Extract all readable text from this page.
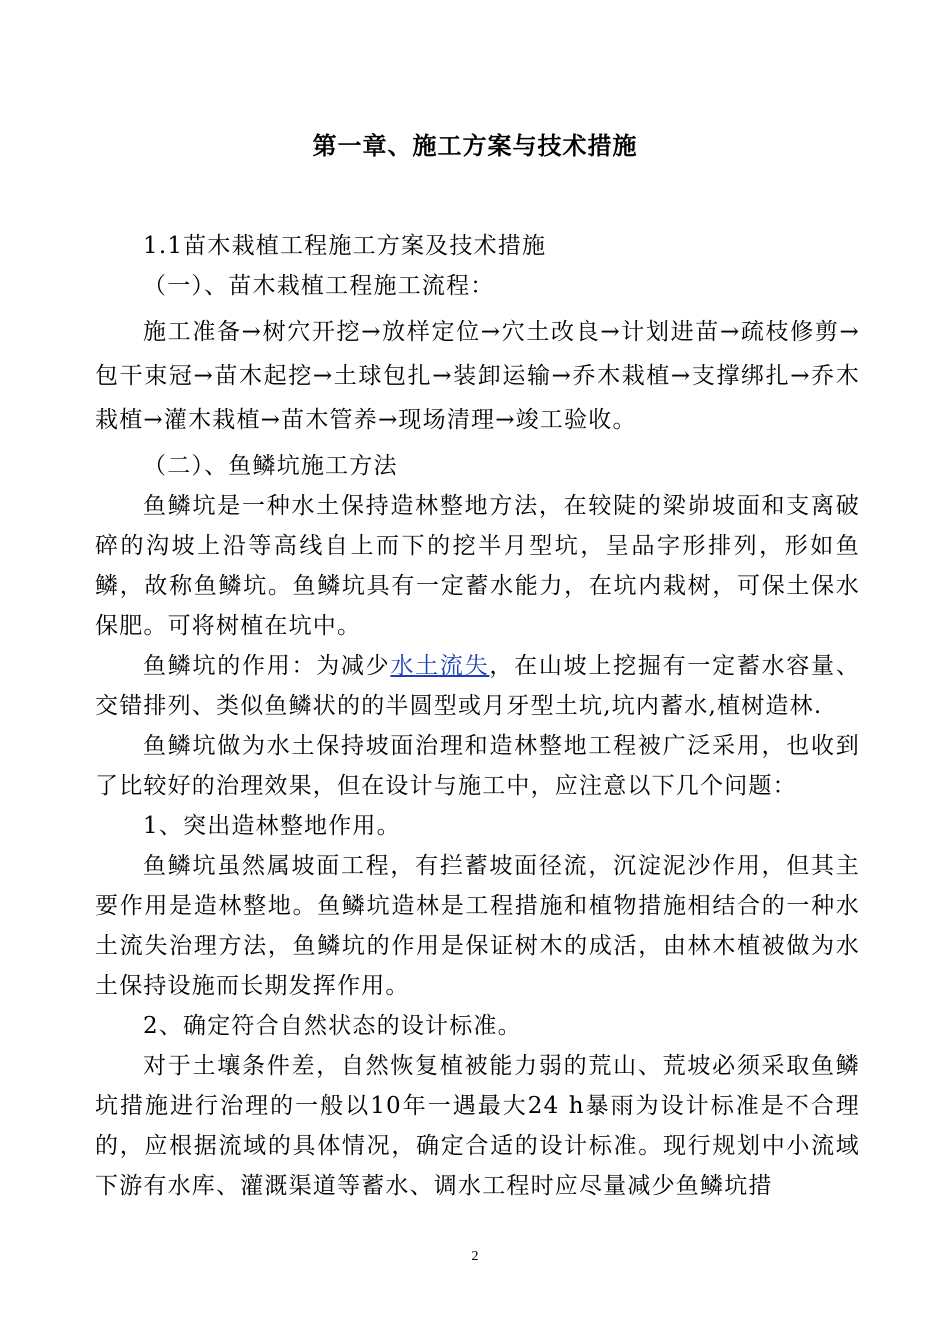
第一章、施工方案与技术措施

1.1苗木栽植工程施工方案及技术措施

（一）、苗木栽植工程施工流程：

施工准备→树穴开挖→放样定位→穴土改良→计划进苗→疏枝修剪→包干束冠→苗木起挖→土球包扎→装卸运输→乔木栽植→支撑绑扎→乔木栽植→灌木栽植→苗木管养→现场清理→竣工验收。

（二）、鱼鳞坑施工方法

鱼鳞坑是一种水土保持造林整地方法，在较陡的梁峁坡面和支离破碎的沟坡上沿等高线自上而下的挖半月型坑，呈品字形排列，形如鱼鳞，故称鱼鳞坑。鱼鳞坑具有一定蓄水能力，在坑内栽树，可保土保水保肥。可将树植在坑中。

鱼鳞坑的作用：为减少水土流失，在山坡上挖掘有一定蓄水容量、交错排列、类似鱼鳞状的的半圆型或月牙型土坑,坑内蓄水,植树造林.

鱼鳞坑做为水土保持坡面治理和造林整地工程被广泛采用，也收到了比较好的治理效果，但在设计与施工中，应注意以下几个问题：

1、突出造林整地作用。

鱼鳞坑虽然属坡面工程，有拦蓄坡面径流，沉淀泥沙作用，但其主要作用是造林整地。鱼鳞坑造林是工程措施和植物措施相结合的一种水土流失治理方法，鱼鳞坑的作用是保证树木的成活，由林木植被做为水土保持设施而长期发挥作用。

2、确定符合自然状态的设计标准。

对于土壤条件差，自然恢复植被能力弱的荒山、荒坡必须采取鱼鳞坑措施进行治理的一般以10年一遇最大24 h暴雨为设计标准是不合理的，应根据流域的具体情况，确定合适的设计标准。现行规划中小流域下游有水库、灌溉渠道等蓄水、调水工程时应尽量减少鱼鳞坑措

2
